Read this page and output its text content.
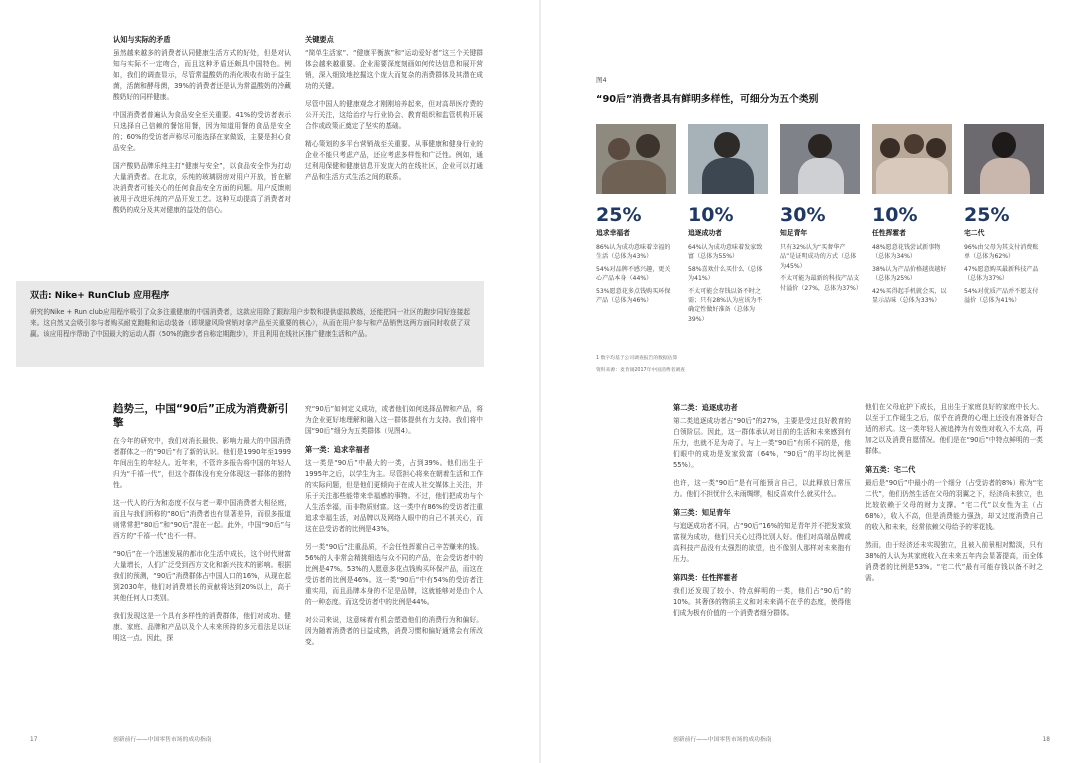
认知与实际的矛盾

虽然越来越多的消费者认同健康生活方式的好处，但是对认知与实际不一定吻合，而且这种矛盾还颇具中国特色。例如，我们的调查显示，尽管常温酸奶的消化吸收有助于益生菌，活菌和酵母菌，39%的消费者还是认为常温酸奶的冷藏酸奶好的同样健康。

中国消费者普遍认为食品安全至关重要。41%的受访者表示只选择自己信赖的餐馆用餐，因为知道用餐的食品是安全的；60%的受访者声称尽可能选择在家做饭，主要是担心食品安全。

国产酸奶品牌乐纯主打“健康与安全”，以食品安全作为打动大量消费者。在北京，乐纯的玻璃厨房对用户开放，旨在解决消费者可能关心的任何食品安全方面的问题。用户反馈则被用于改进乐纯的产品开发工艺。这种互动提高了消费者对酸奶的成分及其对健康的益处的信心。

关键要点

“简单生活家”、“健康平衡族”和“运动爱好者”这三个关键群体会越来越重要。企业需要深度刻画如何传达信息和展开营销，深入细致地挖掘这个庞大而复杂的消费群体及其潜在成功的关键。

尽管中国人的健康观念才刚刚培养起来，但对高昂医疗费的公开关注，这给治疗与行业协会、教育组织和监管机构开展合作或政策正奠定了坚实的基础。

精心策划的多平台营销战至关重要。从事健康和健身行业的企业不能只考虑产品，还应考虑多样性和广泛性。例如，通过利用保健和健康信息开发庞大的在线社区，企业可以打通产品和生活方式生活之间的联系。

双击: Nike+ RunClub 应用程序
研究的Nike + Run club应用程序吸引了众多注重健康的中国消费者，这款应用除了跟踪用户步数和提供虚拟教练，还能把同一社区的跑步同好连接起来。这自然又会吸引参与者购买耐克跑鞋和运动装备（即规避风险营销对拿产品至关重要的核心），从而在用户参与和产品销售这两方面同时收获了双赢。该应用程序帮助了中国最大的运动人群（50%的跑步者自称定期跑步），并且利用在线社区推广健康生活和产品。
趋势三，中国“90后”正成为消费新引擎

在今年的研究中，我们对消长最快、影响力最大的中国消费者群体之一的“90后”有了新的认识。他们是1990年至1999年间出生的年轻人。近年来，不管许多报告将中国的年轻人归为“千禧一代”，但这个群体没有充分体现这一群体的独特性。

这一代人的行为和态度不仅与老一辈中国消费者大相径庭，而且与我们所称的“80后”消费者也有显著差异，而很多报道则常常把“80后”和“90后”混在一起。此外，中国“90后”与西方的“千禧一代”也不一样。

“90后”在一个迅速发展的都市化生活中成长，这个时代财富大量增长，人们广泛受到西方文化和新兴技术的影响。根据我们的预测，“90后”消费群体占中国人口的16%，从现在起到2030年，他们对消费增长的贡献将达到20%以上，高于其他任何人口类别。

我们发现这是一个具有多样性的消费群体，他们对成功、健康、家庭、品牌和产品以及个人未来所持的多元看法足以证明这一点。因此，探

究“90后”如何定义成功，或者他们如何选择品牌和产品，将为企业更好地理解和融入这一群体提供有力支持。我们将中国“90后”细分为五类群体（见图4）。

第一类：追求幸福者

这一类是“90后”中最大的一类，占到39%。他们出生于1995年之后，以学生为主。尽管担心将来在朝着生活和工作的实际问题，但是他们更倾向于在成人社交媒体上关注，并乐于关注那些能带来幸福感的事物。不过，他们把成功与个人生活幸福，而非物质财富。这一类中有86%的受访者注重追求幸福生活，对品牌以及网络人眼中的自己不甚关心，而这在总受访者的比例是43%。

另一类“90后”注重品质，不会任性挥霍自己辛苦赚来的钱。56%的人非常会精挑细选与众不同的产品，在会受访者中的比例是47%。53%的人愿意多花点钱购买环保产品，而这在受访者的比例是46%。这一类“90后”中有54%的受访者注重实用，而且品牌本身的不足是品牌，这就能够对是由个人的一种态度。而这受访者中的比例是44%。

对公司来说，这意味着有机会塑造他们的消费行为和偏好。因为随着消费者的日益成熟，消费习惯和偏好通常会有所改变。

17	创新前行——中国零售市场的成功指南
图4
“90后”消费者具有鲜明多样性，可细分为五个类别
25%
追求幸福者
86%认为成功意味着幸福的生活（总体为43%）
54%对品牌不感兴趣，更关心产品本身（44%）
53%愿意花多点钱购买环保产品（总体为46%）
10%
追逐成功者
64%认为成功意味着发家致富（总体为55%）
58%喜欢什么买什么（总体为41%）
不太可能会存钱以备不时之需；只有28%认为应该为不确定性做好准备（总体为39%）
30%
知足青年
只有32%认为“买奢华产品”是证明成功的方式（总体为45%）
不太可能为最新的科技产品支付溢价（27%，总体为37%）
10%
任性挥霍者
48%愿意花钱尝试新事物（总体为34%）
38%认为产品价格越贵越好（总体为25%）
42%买得起手机就会买，以显示品味（总体为33%）
25%
宅二代
96%由父母为其支付消费账单（总体为62%）
47%愿意购买最新科技产品（总体为37%）
54%对优质产品并不愿支付溢价（总体为41%）
1 数字均基于公司调查报告的数据估算
资料来源：麦肯锡2017年中国消费者调查
第二类：追逐成功者

第二类追逐成功者占“90后”的27%，主要是受过良好教育的白领阶层。因此，这一群体承认对目前的生活和未来感到有压力，也就不足为奇了。与上一类“90后”有所不同的是，他们眼中的成功是发家致富（64%，“90后”的平均比例是55%）。

也许，这一类“90后”是有可能预言自己，以此释放日常压力。他们不担忧什么未雨绸缪，相反喜欢什么就买什么。

第三类：知足青年

与追逐成功者不同，占“90后”16%的知足青年并不把发家致富视为成功，他们只关心过得比别人好。他们对高端品牌或高科技产品没有太强烈的欲望，也不像别人那样对未来抱有压力。

第四类：任性挥霍者

我们还发现了较小、特点鲜明的一类，他们占“90后”的10%。其奢侈的物质主义和对未来满不在乎的态度，使得他们成为极有价值的一个消费者细分群体。

他们在父母庇护下成长，且出生于家庭良好的家庭中长大。以至于工作诞生之后，似乎在消费的心理上还没有准备好合适的形式。这一类年轻人被追捧为有效性对收入不太高，再加之以及消费自愿情况。他们是在“90后”中特点鲜明的一类群体。

第五类：宅二代

最后是“90后”中最小的一个细分（占受访者的8%）称为“宅二代”，他们仍然生活在父母的羽翼之下，经济尚未独立，也比较依赖于父母的财力支撑。“宅二代”以女性为主（占68%），收入不高，但是消费能力强劲，却又过度消费自己的收入和未来，经常依赖父母给予的零花钱。

然而，由于经济还未实现独立，且被入前景相对黯淡，只有38%的人认为其家庭收入在未来五年内会显著提高，而全体消费者的比例是53%。“宅二代”最有可能存钱以备不时之需。

创新前行——中国零售市场的成功指南	18
